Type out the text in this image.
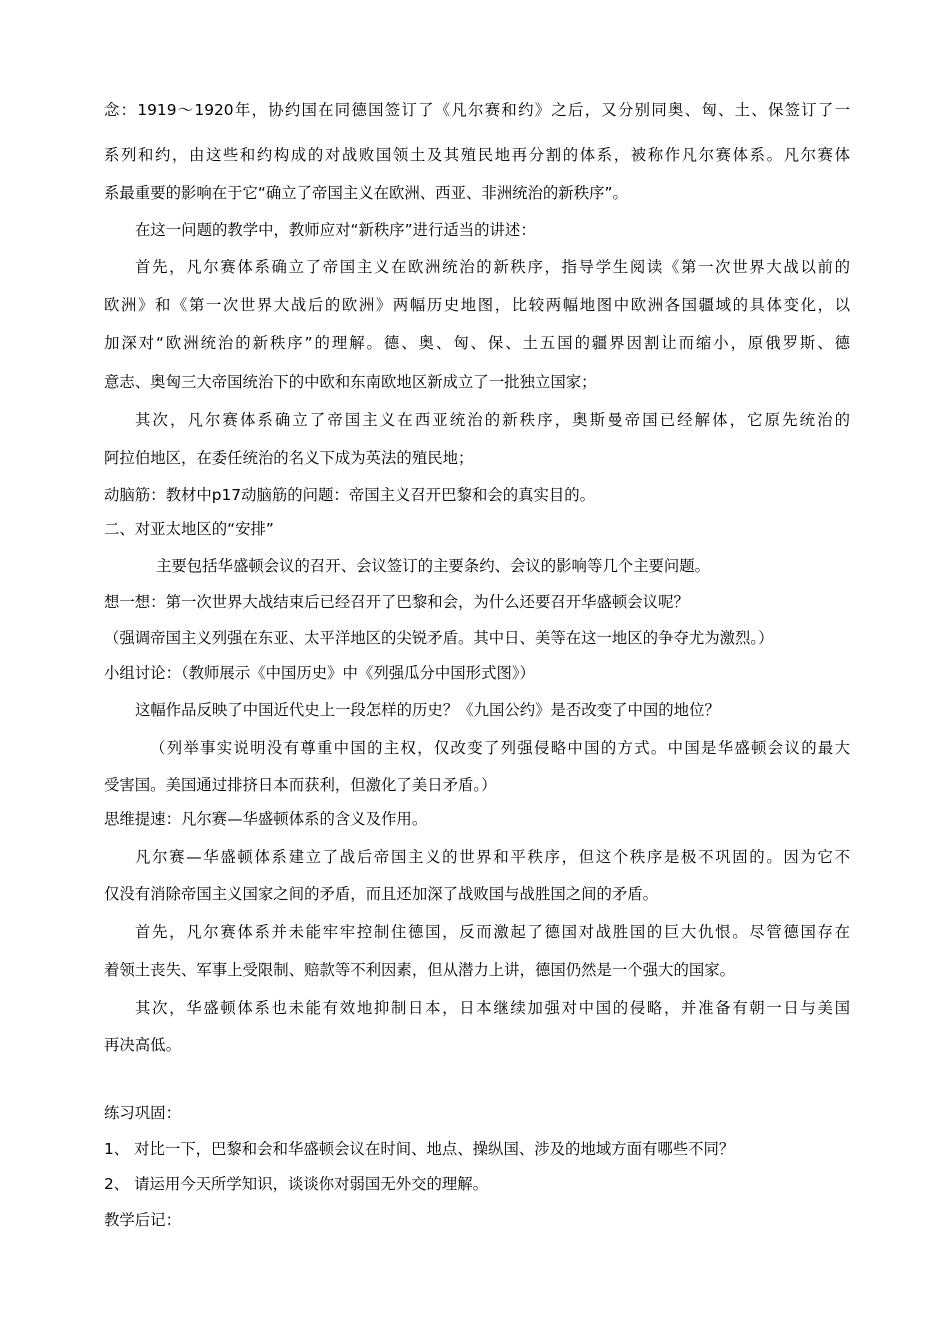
念：1919～1920年，协约国在同德国签订了《凡尔赛和约》之后，又分别同奥、匈、土、保签订了一
系列和约，由这些和约构成的对战败国领土及其殖民地再分割的体系，被称作凡尔赛体系。凡尔赛体
系最重要的影响在于它“确立了帝国主义在欧洲、西亚、非洲统治的新秩序”。
在这一问题的教学中，教师应对“新秩序”进行适当的讲述：
首先，凡尔赛体系确立了帝国主义在欧洲统治的新秩序，指导学生阅读《第一次世界大战以前的
欧洲》和《第一次世界大战后的欧洲》两幅历史地图，比较两幅地图中欧洲各国疆域的具体变化，以
加深对“欧洲统治的新秩序”的理解。德、奥、匈、保、土五国的疆界因割让而缩小，原俄罗斯、德
意志、奥匈三大帝国统治下的中欧和东南欧地区新成立了一批独立国家；
其次，凡尔赛体系确立了帝国主义在西亚统治的新秩序，奥斯曼帝国已经解体，它原先统治的
阿拉伯地区，在委任统治的名义下成为英法的殖民地；
动脑筋：教材中p17动脑筋的问题：帝国主义召开巴黎和会的真实目的。
二、对亚太地区的“安排”
主要包括华盛顿会议的召开、会议签订的主要条约、会议的影响等几个主要问题。
想一想：第一次世界大战结束后已经召开了巴黎和会，为什么还要召开华盛顿会议呢？
（强调帝国主义列强在东亚、太平洋地区的尖锐矛盾。其中日、美等在这一地区的争夺尤为激烈。）
小组讨论：（教师展示《中国历史》中《列强瓜分中国形式图》）
这幅作品反映了中国近代史上一段怎样的历史？《九国公约》是否改变了中国的地位？
（列举事实说明没有尊重中国的主权，仅改变了列强侵略中国的方式。中国是华盛顿会议的最大
受害国。美国通过排挤日本而获利，但激化了美日矛盾。）
思维提速：凡尔赛—华盛顿体系的含义及作用。
凡尔赛—华盛顿体系建立了战后帝国主义的世界和平秩序，但这个秩序是极不巩固的。因为它不
仅没有消除帝国主义国家之间的矛盾，而且还加深了战败国与战胜国之间的矛盾。
首先，凡尔赛体系并未能牢牢控制住德国，反而激起了德国对战胜国的巨大仇恨。尽管德国存在
着领土丧失、军事上受限制、赔款等不利因素，但从潜力上讲，德国仍然是一个强大的国家。
其次，华盛顿体系也未能有效地抑制日本，日本继续加强对中国的侵略，并准备有朝一日与美国
再决高低。
练习巩固：
1、 对比一下，巴黎和会和华盛顿会议在时间、地点、操纵国、涉及的地域方面有哪些不同？
2、 请运用今天所学知识，谈谈你对弱国无外交的理解。
教学后记：
